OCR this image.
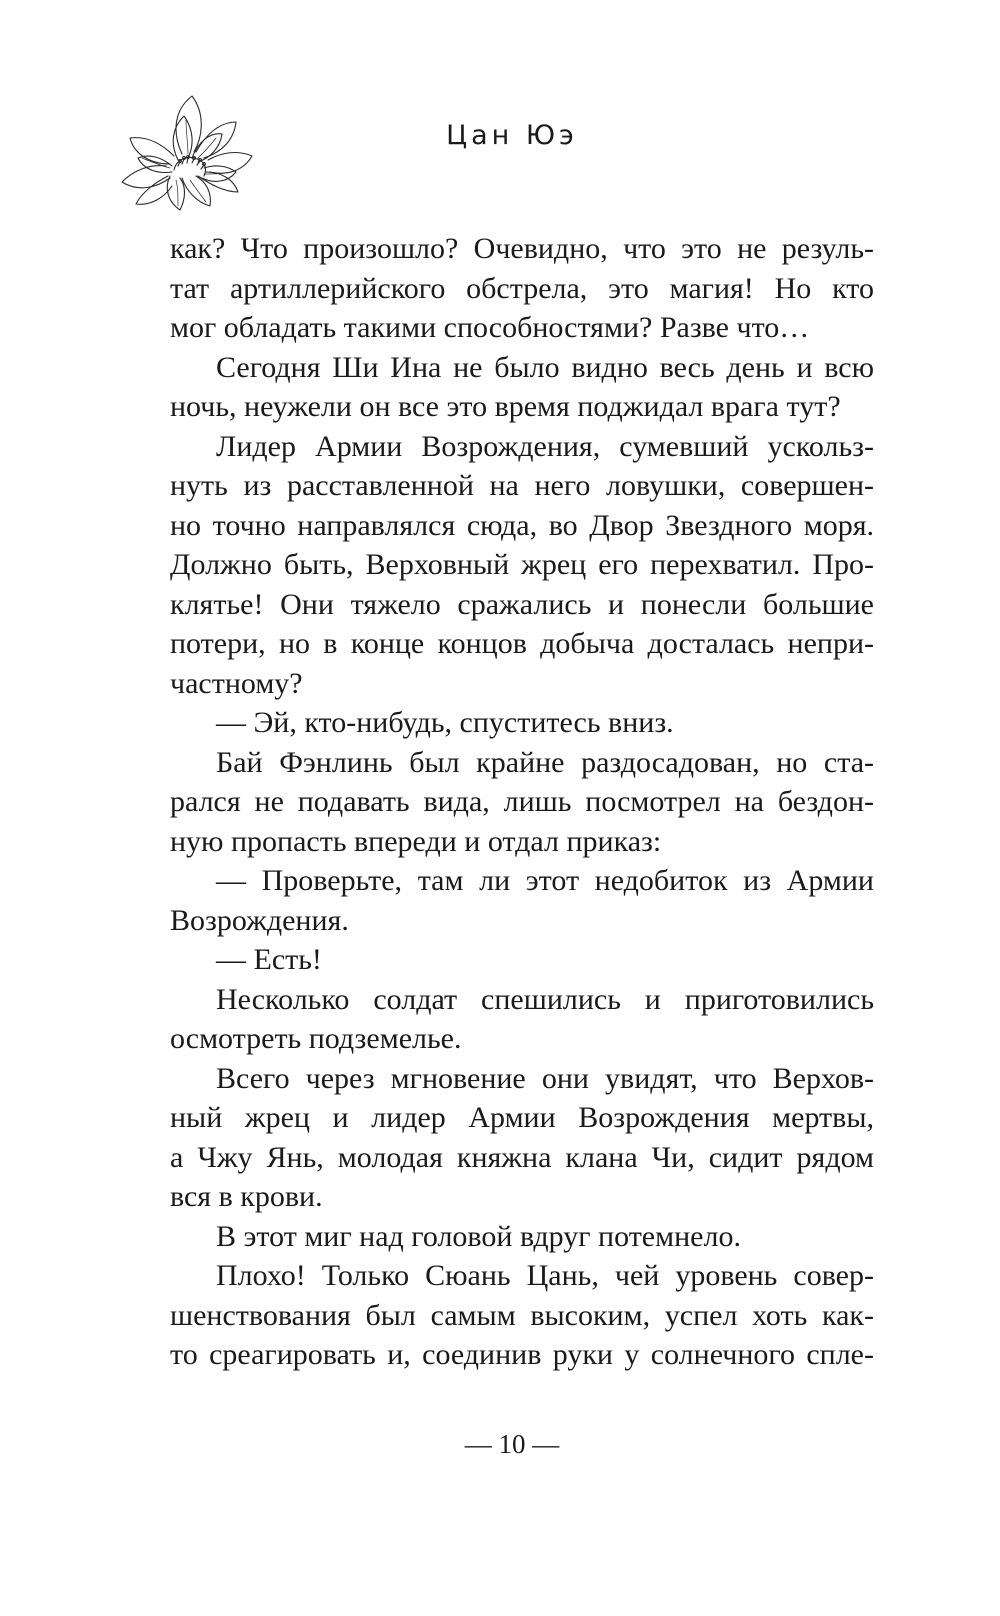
Цан Юэ
как? Что произошло? Очевидно, что это не резуль-
тат артиллерийского обстрела, это магия! Но кто
мог обладать такими способностями? Разве что…
Сегодня Ши Ина не было видно весь день и всю
ночь, неужели он все это время поджидал врага тут?
Лидер Армии Возрождения, сумевший ускольз-
нуть из расставленной на него ловушки, совершен-
но точно направлялся сюда, во Двор Звездного моря.
Должно быть, Верховный жрец его перехватил. Про-
клятье! Они тяжело сражались и понесли большие
потери, но в конце концов добыча досталась непри-
частному?
— Эй, кто-нибудь, спуститесь вниз.
Бай Фэнлинь был крайне раздосадован, но ста-
рался не подавать вида, лишь посмотрел на бездон-
ную пропасть впереди и отдал приказ:
— Проверьте, там ли этот недобиток из Армии
Возрождения.
— Есть!
Несколько солдат спешились и приготовились
осмотреть подземелье.
Всего через мгновение они увидят, что Верхов-
ный жрец и лидер Армии Возрождения мертвы,
а Чжу Янь, молодая княжна клана Чи, сидит рядом
вся в крови.
В этот миг над головой вдруг потемнело.
Плохо! Только Сюань Цань, чей уровень совер-
шенствования был самым высоким, успел хоть как-
то среагировать и, соединив руки у солнечного спле-
— 10 —
